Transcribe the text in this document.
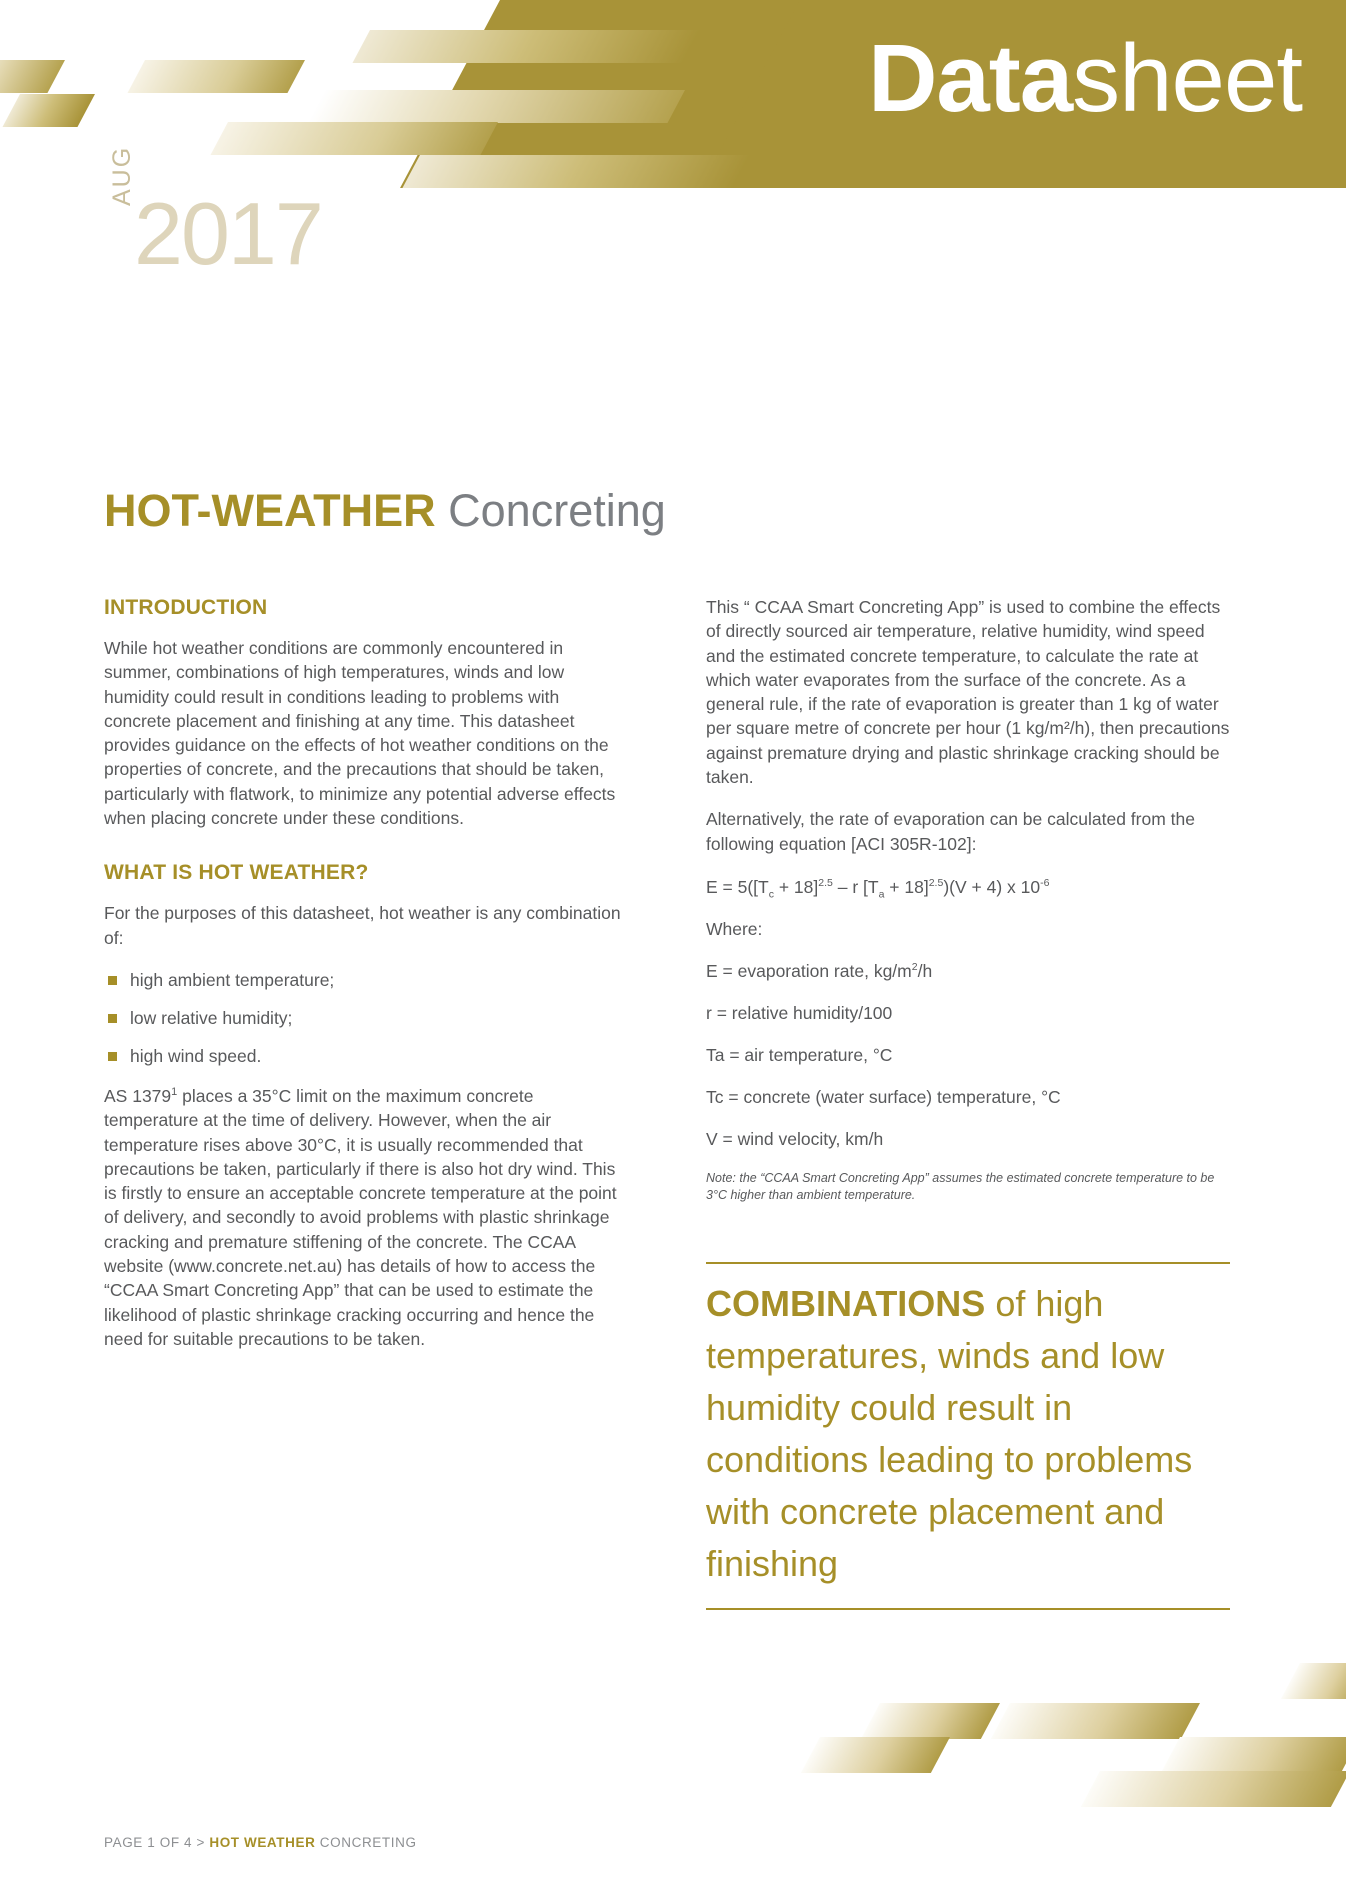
Datasheet
AUG
2017
HOT-WEATHER Concreting
INTRODUCTION

While hot weather conditions are commonly encountered in summer, combinations of high temperatures, winds and low humidity could result in conditions leading to problems with concrete placement and finishing at any time. This datasheet provides guidance on the effects of hot weather conditions on the properties of concrete, and the precautions that should be taken, particularly with flatwork, to minimize any potential adverse effects when placing concrete under these conditions.

WHAT IS HOT WEATHER?

For the purposes of this datasheet, hot weather is any combination of:

high ambient temperature;
low relative humidity;
high wind speed.

AS 1379$^1$ places a 35°C limit on the maximum concrete temperature at the time of delivery. However, when the air temperature rises above 30°C, it is usually recommended that precautions be taken, particularly if there is also hot dry wind. This is firstly to ensure an acceptable concrete temperature at the point of delivery, and secondly to avoid problems with plastic shrinkage cracking and premature stiffening of the concrete. The CCAA website (www.concrete.net.au) has details of how to access the “CCAA Smart Concreting App” that can be used to estimate the likelihood of plastic shrinkage cracking occurring and hence the need for suitable precautions to be taken.

This “ CCAA Smart Concreting App” is used to combine the effects of directly sourced air temperature, relative humidity, wind speed and the estimated concrete temperature, to calculate the rate at which water evaporates from the surface of the concrete. As a general rule, if the rate of evaporation is greater than 1 kg of water per square metre of concrete per hour (1 kg/m²/h), then precautions against premature drying and plastic shrinkage cracking should be taken.

Alternatively, the rate of evaporation can be calculated from the following equation [ACI 305R-102]:

$E = 5([T_c + 18]^{2.5} - r$ $[T_a + 18]^{2.5})(V + 4)$ x $10^{-6}$

Where:

E = evaporation rate, $kg/m^2/h$

r = relative humidity/100

Ta = air temperature, °C

Tc = concrete (water surface) temperature, °C

V = wind velocity, km/h

Note: the “CCAA Smart Concreting App” assumes the estimated concrete temperature to be 3°C higher than ambient temperature.

COMBINATIONS of high temperatures, winds and low humidity could result in conditions leading to problems with concrete placement and finishing

PAGE 1 OF 4 > HOT WEATHER CONCRETING
